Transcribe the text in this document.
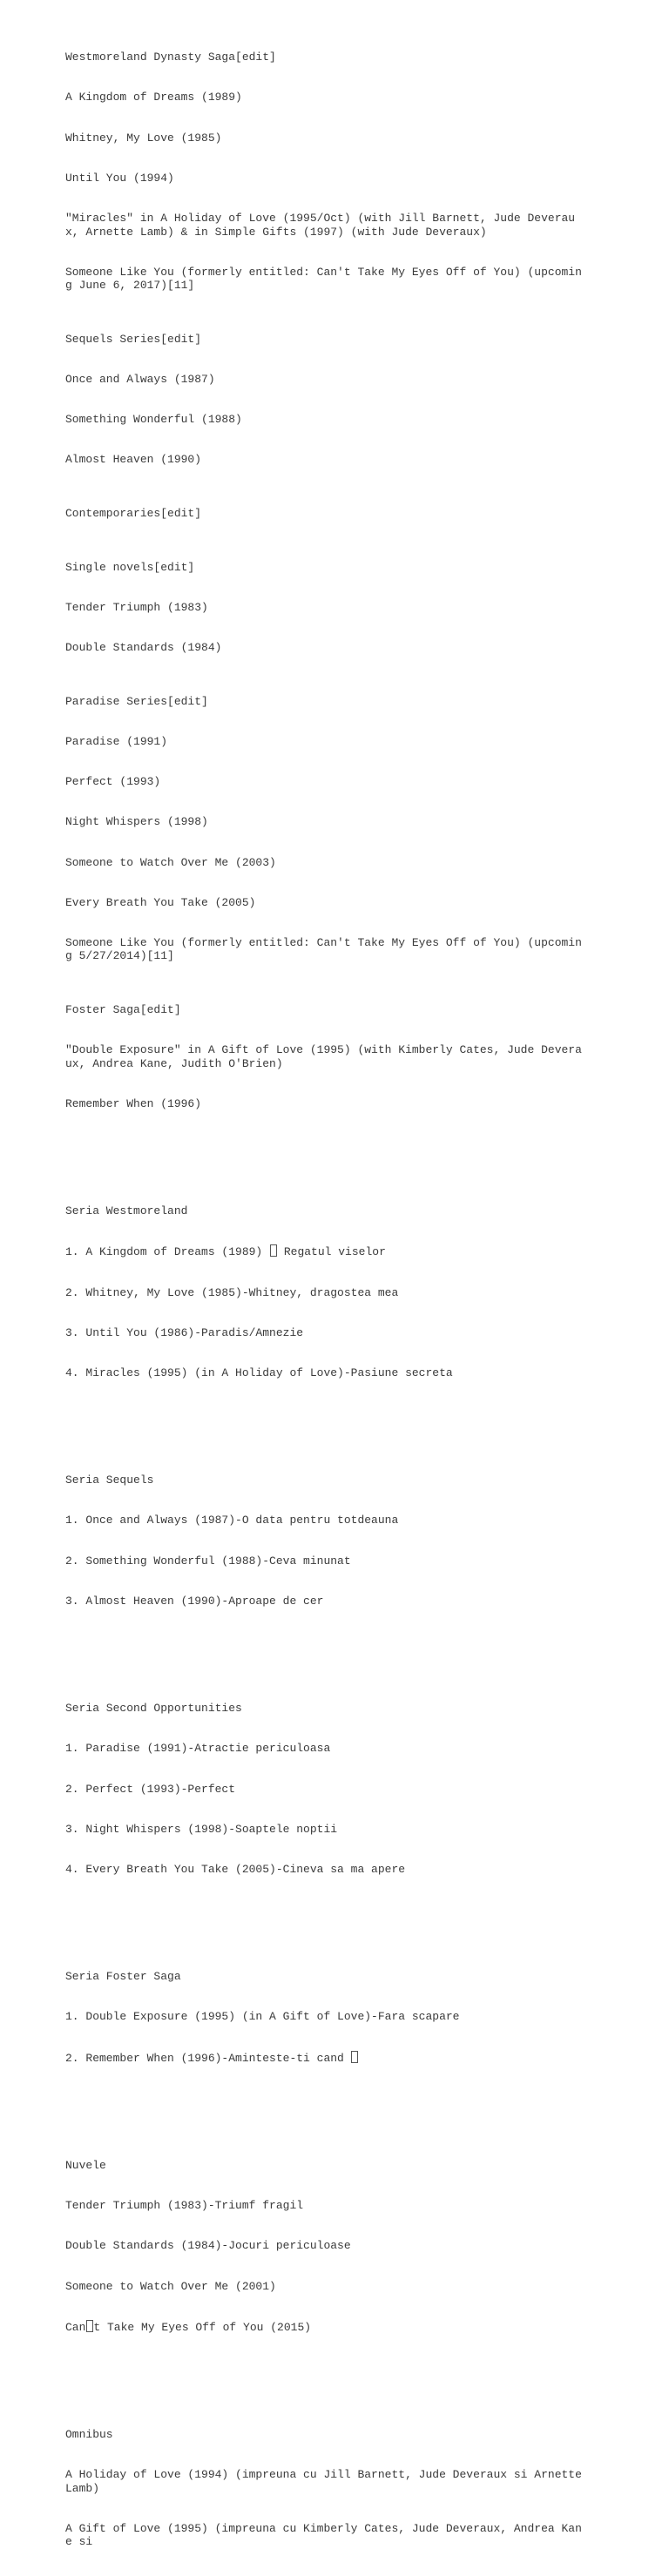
Westmoreland Dynasty Saga[edit]

A Kingdom of Dreams (1989)

Whitney, My Love (1985)

Until You (1994)

"Miracles" in A Holiday of Love (1995/Oct) (with Jill Barnett, Jude Deveraux, Arnette Lamb) & in Simple Gifts (1997) (with Jude Deveraux)

Someone Like You (formerly entitled: Can't Take My Eyes Off of You) (upcoming June 6, 2017)[11]

Sequels Series[edit]

Once and Always (1987)

Something Wonderful (1988)

Almost Heaven (1990)

Contemporaries[edit]

Single novels[edit]

Tender Triumph (1983)

Double Standards (1984)

Paradise Series[edit]

Paradise (1991)

Perfect (1993)

Night Whispers (1998)

Someone to Watch Over Me (2003)

Every Breath You Take (2005)

Someone Like You (formerly entitled: Can't Take My Eyes Off of You) (upcoming 5/27/2014)[11]

Foster Saga[edit]

"Double Exposure" in A Gift of Love (1995) (with Kimberly Cates, Jude Deveraux, Andrea Kane, Judith O'Brien)

Remember When (1996)

Seria Westmoreland

1. A Kingdom of Dreams (1989)  Regatul viselor

2. Whitney, My Love (1985)-Whitney, dragostea mea

3. Until You (1986)-Paradis/Amnezie

4. Miracles (1995) (in A Holiday of Love)-Pasiune secreta

Seria Sequels

1. Once and Always (1987)-O data pentru totdeauna

2. Something Wonderful (1988)-Ceva minunat

3. Almost Heaven (1990)-Aproape de cer

Seria Second Opportunities

1. Paradise (1991)-Atractie periculoasa

2. Perfect (1993)-Perfect

3. Night Whispers (1998)-Soaptele noptii

4. Every Breath You Take (2005)-Cineva sa ma apere

Seria Foster Saga

1. Double Exposure (1995) (in A Gift of Love)-Fara scapare

2. Remember When (1996)-Aminteste-ti cand

Nuvele

Tender Triumph (1983)-Triumf fragil

Double Standards (1984)-Jocuri periculoase

Someone to Watch Over Me (2001)

Can t Take My Eyes Off of You (2015)

Omnibus

A Holiday of Love (1994) (impreuna cu Jill Barnett, Jude Deveraux si Arnette Lamb)

A Gift of Love (1995) (impreuna cu Kimberly Cates, Jude Deveraux, Andrea Kane si
